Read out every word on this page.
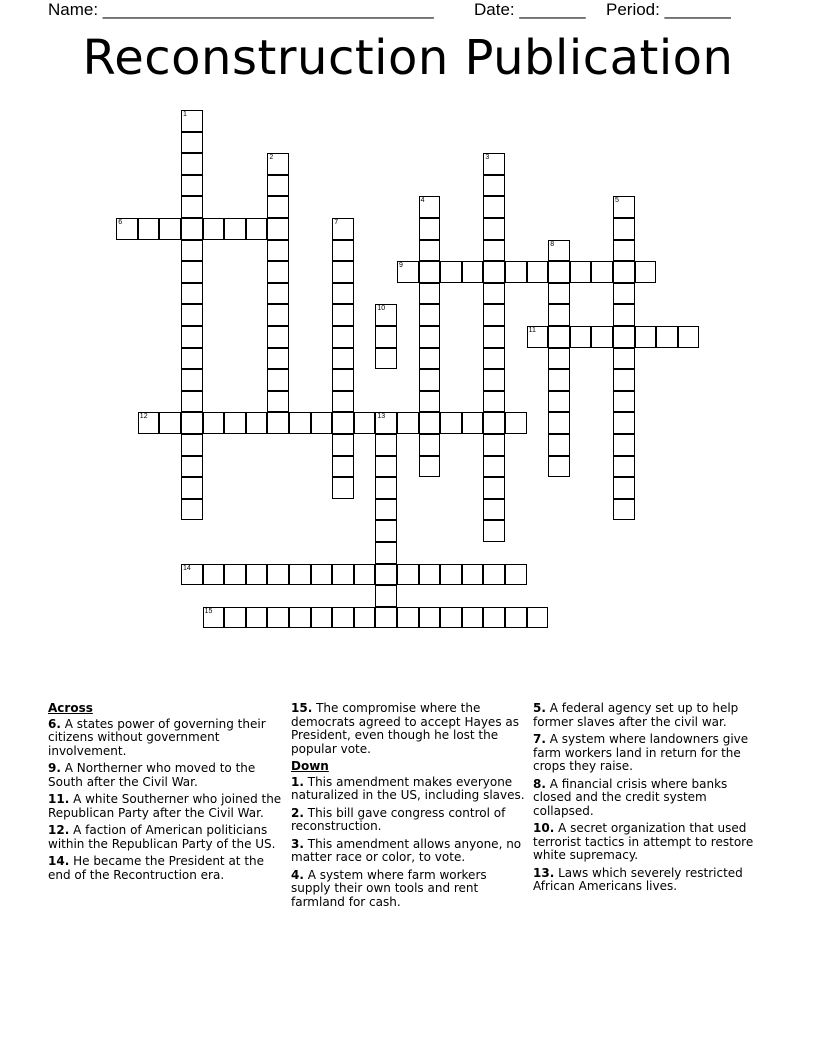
Name: ___________________________________ Date: _______ Period: _______
Reconstruction Publication
1
2	3
4	5
6	7
8
9
10
11
12	13
14
15
Across
6. A states power of governing their citizens without government involvement.
9. A Northerner who moved to the South after the Civil War.
11. A white Southerner who joined the Republican Party after the Civil War.
12. A faction of American politicians within the Republican Party of the US.
14. He became the President at the end of the Recontruction era.
15. The compromise where the democrats agreed to accept Hayes as President, even though he lost the popular vote.
Down
1. This amendment makes everyone naturalized in the US, including slaves.
2. This bill gave congress control of reconstruction.
3. This amendment allows anyone, no matter race or color, to vote.
4. A system where farm workers supply their own tools and rent farmland for cash.
5. A federal agency set up to help former slaves after the civil war.
7. A system where landowners give farm workers land in return for the crops they raise.
8. A financial crisis where banks closed and the credit system collapsed.
10. A secret organization that used terrorist tactics in attempt to restore white supremacy.
13. Laws which severely restricted African Americans lives.
